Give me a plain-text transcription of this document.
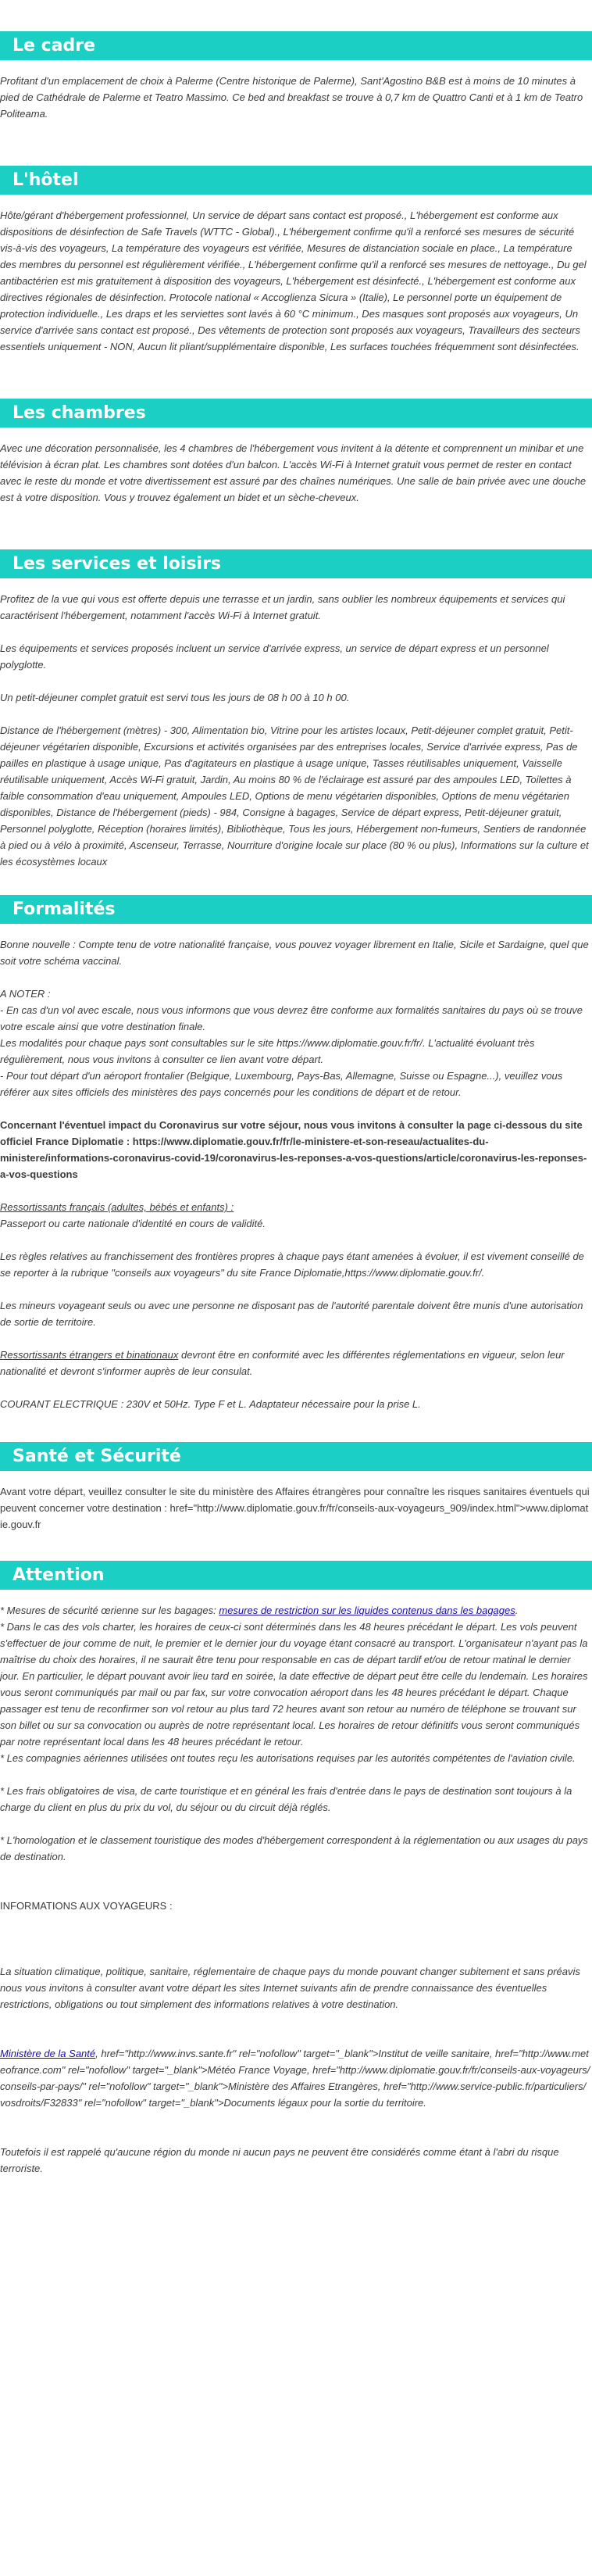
Le cadre

Profitant d'un emplacement de choix à Palerme (Centre historique de Palerme), Sant'Agostino B&B est à moins de 10 minutes à pied de Cathédrale de Palerme et Teatro Massimo. Ce bed and breakfast se trouve à 0,7 km de Quattro Canti et à 1 km de Teatro Politeama.

L'hôtel

Hôte/gérant d'hébergement professionnel, Un service de départ sans contact est proposé., L'hébergement est conforme aux dispositions de désinfection de Safe Travels (WTTC - Global)., L'hébergement confirme qu'il a renforcé ses mesures de sécurité vis-à-vis des voyageurs, La température des voyageurs est vérifiée, Mesures de distanciation sociale en place., La température des membres du personnel est régulièrement vérifiée., L'hébergement confirme qu'il a renforcé ses mesures de nettoyage., Du gel antibactérien est mis gratuitement à disposition des voyageurs, L'hébergement est désinfecté., L'hébergement est conforme aux directives régionales de désinfection. Protocole national « Accoglienza Sicura » (Italie), Le personnel porte un équipement de protection individuelle., Les draps et les serviettes sont lavés à 60 °C minimum., Des masques sont proposés aux voyageurs, Un service d'arrivée sans contact est proposé., Des vêtements de protection sont proposés aux voyageurs, Travailleurs des secteurs essentiels uniquement - NON, Aucun lit pliant/supplémentaire disponible, Les surfaces touchées fréquemment sont désinfectées.

Les chambres

Avec une décoration personnalisée, les 4 chambres de l'hébergement vous invitent à la détente et comprennent un minibar et une télévision à écran plat. Les chambres sont dotées d'un balcon. L'accès Wi-Fi à Internet gratuit vous permet de rester en contact avec le reste du monde et votre divertissement est assuré par des chaînes numériques. Une salle de bain privée avec une douche est à votre disposition. Vous y trouvez également un bidet et un sèche-cheveux.

Les services et loisirs

Profitez de la vue qui vous est offerte depuis une terrasse et un jardin, sans oublier les nombreux équipements et services qui caractérisent l'hébergement, notamment l'accès Wi-Fi à Internet gratuit.

Les équipements et services proposés incluent un service d'arrivée express, un service de départ express et un personnel polyglotte.

Un petit-déjeuner complet gratuit est servi tous les jours de 08 h 00 à 10 h 00.

Distance de l'hébergement (mètres) - 300, Alimentation bio, Vitrine pour les artistes locaux, Petit-déjeuner complet gratuit, Petit-déjeuner végétarien disponible, Excursions et activités organisées par des entreprises locales, Service d'arrivée express, Pas de pailles en plastique à usage unique, Pas d'agitateurs en plastique à usage unique, Tasses réutilisables uniquement, Vaisselle réutilisable uniquement, Accès Wi-Fi gratuit, Jardin, Au moins 80 % de l'éclairage est assuré par des ampoules LED, Toilettes à faible consommation d'eau uniquement, Ampoules LED, Options de menu végétarien disponibles, Options de menu végétarien disponibles, Distance de l'hébergement (pieds) - 984, Consigne à bagages, Service de départ express, Petit-déjeuner gratuit, Personnel polyglotte, Réception (horaires limités), Bibliothèque, Tous les jours, Hébergement non-fumeurs, Sentiers de randonnée à pied ou à vélo à proximité, Ascenseur, Terrasse, Nourriture d'origine locale sur place (80 % ou plus), Informations sur la culture et les écosystèmes locaux

Formalités

Bonne nouvelle : Compte tenu de votre nationalité française, vous pouvez voyager librement en Italie, Sicile et Sardaigne, quel que soit votre schéma vaccinal.

A NOTER :

- En cas d'un vol avec escale, nous vous informons que vous devrez être conforme aux formalités sanitaires du pays où se trouve votre escale ainsi que votre destination finale.

Les modalités pour chaque pays sont consultables sur le site https://www.diplomatie.gouv.fr/fr/. L'actualité évoluant très régulièrement, nous vous invitons à consulter ce lien avant votre départ.

- Pour tout départ d'un aéroport frontalier (Belgique, Luxembourg, Pays-Bas, Allemagne, Suisse ou Espagne...), veuillez vous référer aux sites officiels des ministères des pays concernés pour les conditions de départ et de retour.

Concernant l'éventuel impact du Coronavirus sur votre séjour, nous vous invitons à consulter la page ci-dessous du site officiel France Diplomatie : https://www.diplomatie.gouv.fr/fr/le-ministere-et-son-reseau/actualites-du-ministere/informations-coronavirus-covid-19/coronavirus-les-reponses-a-vos-questions/article/coronavirus-les-reponses-a-vos-questions

Ressortissants français (adultes, bébés et enfants) :

Passeport ou carte nationale d'identité en cours de validité.

Les règles relatives au franchissement des frontières propres à chaque pays étant amenées à évoluer, il est vivement conseillé de se reporter à la rubrique "conseils aux voyageurs" du site France Diplomatie,https://www.diplomatie.gouv.fr/.

Les mineurs voyageant seuls ou avec une personne ne disposant pas de l'autorité parentale doivent être munis d'une autorisation de sortie de territoire.

Ressortissants étrangers et binationaux devront être en conformité avec les différentes réglementations en vigueur, selon leur nationalité et devront s'informer auprès de leur consulat.

COURANT ELECTRIQUE : 230V et 50Hz. Type F et L. Adaptateur nécessaire pour la prise L.

Santé et Sécurité

Avant votre départ, veuillez consulter le site du ministère des Affaires étrangères pour connaître les risques sanitaires éventuels qui peuvent concerner votre destination : href="http://www.diplomatie.gouv.fr/fr/conseils-aux-voyageurs_909/index.html">www.diplomatie.gouv.fr

Attention

* Mesures de sécurité œrienne sur les bagages: mesures de restriction sur les liquides contenus dans les bagages.

* Dans le cas des vols charter, les horaires de ceux-ci sont déterminés dans les 48 heures précédant le départ. Les vols peuvent s'effectuer de jour comme de nuit, le premier et le dernier jour du voyage étant consacré au transport. L'organisateur n'ayant pas la maîtrise du choix des horaires, il ne saurait être tenu pour responsable en cas de départ tardif et/ou de retour matinal le dernier jour. En particulier, le départ pouvant avoir lieu tard en soirée, la date effective de départ peut être celle du lendemain. Les horaires vous seront communiqués par mail ou par fax, sur votre convocation aéroport dans les 48 heures précédant le départ. Chaque passager est tenu de reconfirmer son vol retour au plus tard 72 heures avant son retour au numéro de téléphone se trouvant sur son billet ou sur sa convocation ou auprès de notre représentant local. Les horaires de retour définitifs vous seront communiqués par notre représentant local dans les 48 heures précédant le retour.

* Les compagnies aériennes utilisées ont toutes reçu les autorisations requises par les autorités compétentes de l'aviation civile.

* Les frais obligatoires de visa, de carte touristique et en général les frais d'entrée dans le pays de destination sont toujours à la charge du client en plus du prix du vol, du séjour ou du circuit déjà réglés.

* L'homologation et le classement touristique des modes d'hébergement correspondent à la réglementation ou aux usages du pays de destination.

INFORMATIONS AUX VOYAGEURS :

La situation climatique, politique, sanitaire, réglementaire de chaque pays du monde pouvant changer subitement et sans préavis

nous vous invitons à consulter avant votre départ les sites Internet suivants afin de prendre connaissance des éventuelles restrictions, obligations ou tout simplement des informations relatives à votre destination.

Ministère de la Santé, href="http://www.invs.sante.fr" rel="nofollow" target="_blank">Institut de veille sanitaire, href="http://www.meteofrance.com" rel="nofollow" target="_blank">Météo France Voyage, href="http://www.diplomatie.gouv.fr/fr/conseils-aux-voyageurs/conseils-par-pays/" rel="nofollow" target="_blank">Ministère des Affaires Etrangères, href="http://www.service-public.fr/particuliers/vosdroits/F32833" rel="nofollow" target="_blank">Documents légaux pour la sortie du territoire.

Toutefois il est rappelé qu'aucune région du monde ni aucun pays ne peuvent être considérés comme étant à l'abri du risque terroriste.
